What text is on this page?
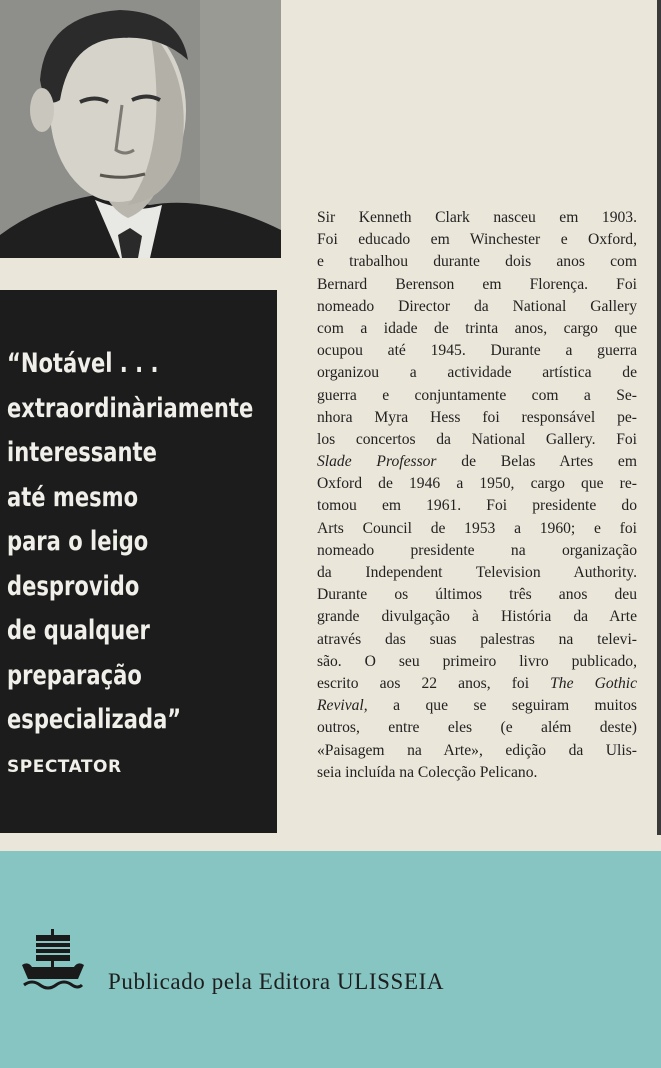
“Notável . . .
extraordinàriamente
interessante
até mesmo
para o leigo
desprovido
de qualquer
preparação
especializada”
SPECTATOR
Sir Kenneth Clark nasceu em 1903.
Foi educado em Winchester e Oxford,
e trabalhou durante dois anos com
Bernard Berenson em Florença. Foi
nomeado Director da National Gallery
com a idade de trinta anos, cargo que
ocupou até 1945. Durante a guerra
organizou a actividade artística de
guerra e conjuntamente com a Se-
nhora Myra Hess foi responsável pe-
los concertos da National Gallery. Foi
Slade Professor de Belas Artes em
Oxford de 1946 a 1950, cargo que re-
tomou em 1961. Foi presidente do
Arts Council de 1953 a 1960; e foi
nomeado presidente na organização
da Independent Television Authority.
Durante os últimos três anos deu
grande divulgação à História da Arte
através das suas palestras na televi-
são. O seu primeiro livro publicado,
escrito aos 22 anos, foi The Gothic
Revival, a que se seguiram muitos
outros, entre eles (e além deste)
«Paisagem na Arte», edição da Ulis-
seia incluída na Colecção Pelicano.
Publicado pela Editora ULISSEIA
